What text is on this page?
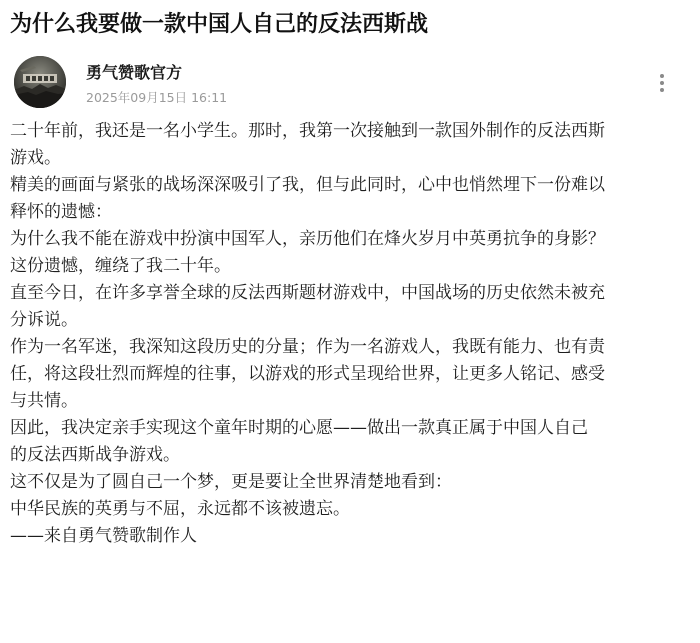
为什么我要做一款中国人自己的反法西斯战
勇气赞歌官方
2025年09月15日 16:11

二十年前，我还是一名小学生。那时，我第一次接触到一款国外制作的反法西斯

游戏。

精美的画面与紧张的战场深深吸引了我，但与此同时，心中也悄然埋下一份难以

释怀的遗憾：

为什么我不能在游戏中扮演中国军人，亲历他们在烽火岁月中英勇抗争的身影？

这份遗憾，缠绕了我二十年。

直至今日，在许多享誉全球的反法西斯题材游戏中，中国战场的历史依然未被充

分诉说。

作为一名军迷，我深知这段历史的分量；作为一名游戏人，我既有能力、也有责

任，将这段壮烈而辉煌的往事，以游戏的形式呈现给世界，让更多人铭记、感受

与共情。

因此，我决定亲手实现这个童年时期的心愿——做出一款真正属于中国人自己

的反法西斯战争游戏。

这不仅是为了圆自己一个梦，更是要让全世界清楚地看到：

中华民族的英勇与不屈，永远都不该被遗忘。

——来自勇气赞歌制作人
